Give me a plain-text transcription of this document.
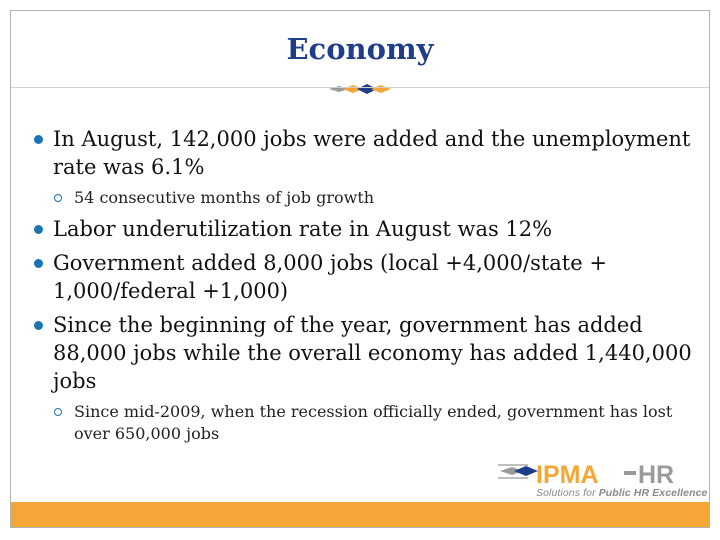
Economy
In August, 142,000 jobs were added and the unemployment rate was 6.1%
54 consecutive months of job growth
Labor underutilization rate in August was 12%
Government added 8,000 jobs (local +4,000/state + 1,000/federal +1,000)
Since the beginning of the year, government has added 88,000 jobs while the overall economy has added 1,440,000 jobs
Since mid-2009, when the recession officially ended, government has lost over 650,000 jobs
IPMA HR
Solutions for Public HR Excellence
